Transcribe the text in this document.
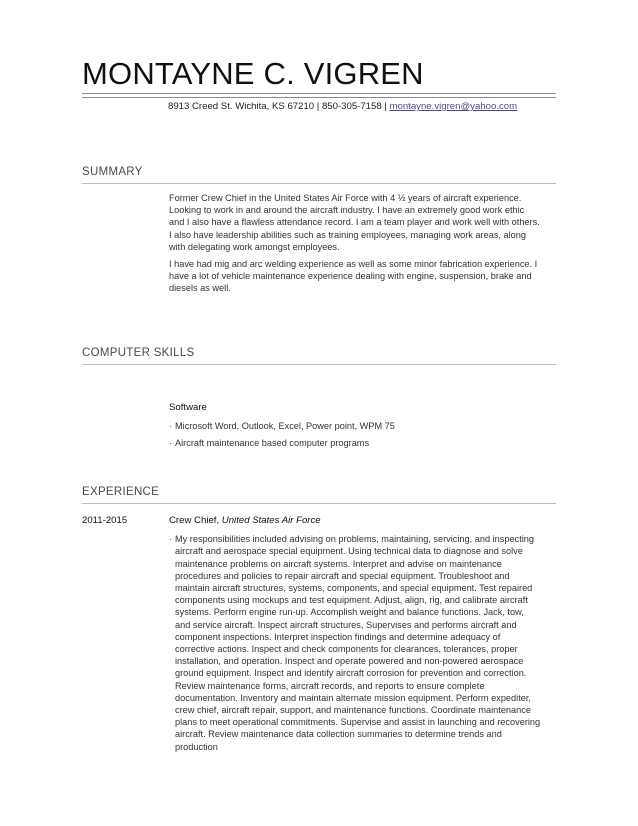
MONTAYNE C. VIGREN
8913 Creed St. Wichita, KS 67210 | 850-305-7158 | montayne.vigren@yahoo.com
SUMMARY

Former Crew Chief in the United States Air Force with 4 ½ years of aircraft experience. Looking to work in and around the aircraft industry. I have an extremely good work ethic and I also have a flawless attendance record. I am a team player and work well with others. I also have leadership abilities such as training employees, managing work areas, along with delegating work amongst employees.

I have had mig and arc welding experience as well as some minor fabrication experience. I have a lot of vehicle maintenance experience dealing with engine, suspension, brake and diesels as well.

COMPUTER SKILLS
Software
· Microsoft Word, Outlook, Excel, Power point, WPM 75
· Aircraft maintenance based computer programs
EXPERIENCE
2011-2015	Crew Chief, United States Air Force
· My responsibilities included advising on problems, maintaining, servicing, and inspecting aircraft and aerospace special equipment. Using technical data to diagnose and solve maintenance problems on aircraft systems. Interpret and advise on maintenance procedures and policies to repair aircraft and special equipment. Troubleshoot and maintain aircraft structures, systems, components, and special equipment. Test repaired components using mockups and test equipment. Adjust, align, rig, and calibrate aircraft systems. Perform engine run-up. Accomplish weight and balance functions. Jack, tow, and service aircraft. Inspect aircraft structures, Supervises and performs aircraft and component inspections. Interpret inspection findings and determine adequacy of corrective actions. Inspect and check components for clearances, tolerances, proper installation, and operation. Inspect and operate powered and non-powered aerospace ground equipment. Inspect and identify aircraft corrosion for prevention and correction. Review maintenance forms, aircraft records, and reports to ensure complete documentation. Inventory and maintain alternate mission equipment. Perform expediter, crew chief, aircraft repair, support, and maintenance functions. Coordinate maintenance plans to meet operational commitments. Supervise and assist in launching and recovering aircraft. Review maintenance data collection summaries to determine trends and production
